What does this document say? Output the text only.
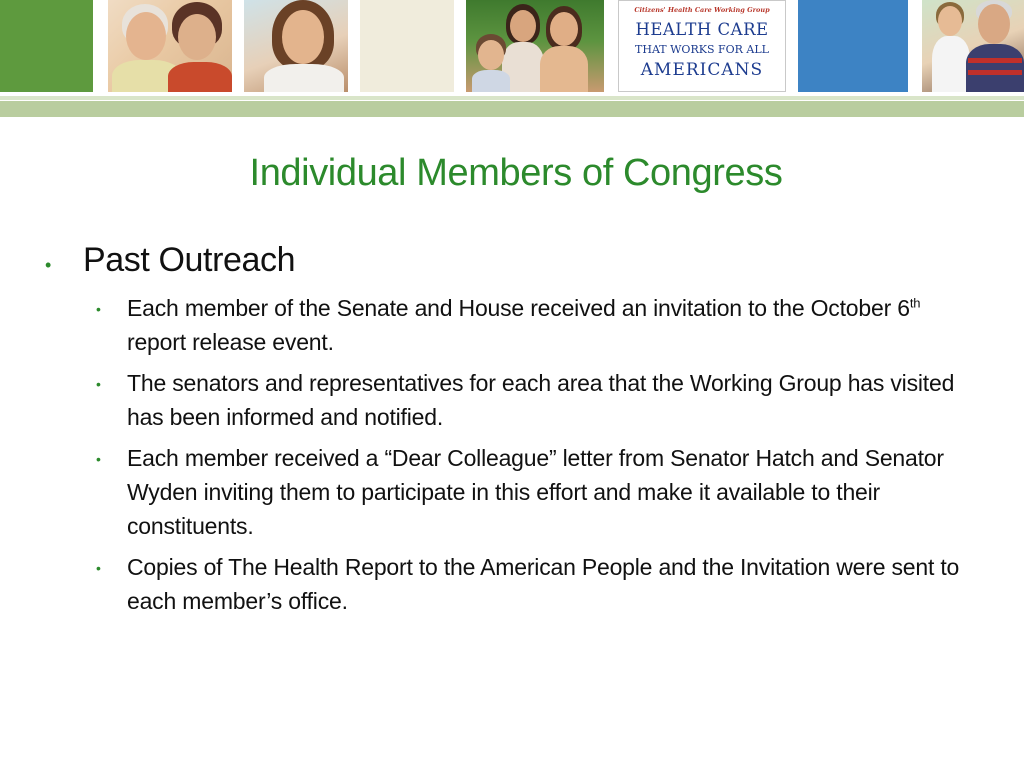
Citizens' Health Care Working Group
HEALTH CARE
THAT WORKS FOR ALL
AMERICANS
Individual Members of Congress
• Past Outreach
• Each member of the Senate and House received an invitation to the October 6th
report release event.
• The senators and representatives for each area that the Working Group has visited
has been informed and notified.
• Each member received a “Dear Colleague” letter from Senator Hatch and Senator
Wyden inviting them to participate in this effort and make it available to their
constituents.
• Copies of The Health Report to the American People and the Invitation were sent to
each member’s office.
